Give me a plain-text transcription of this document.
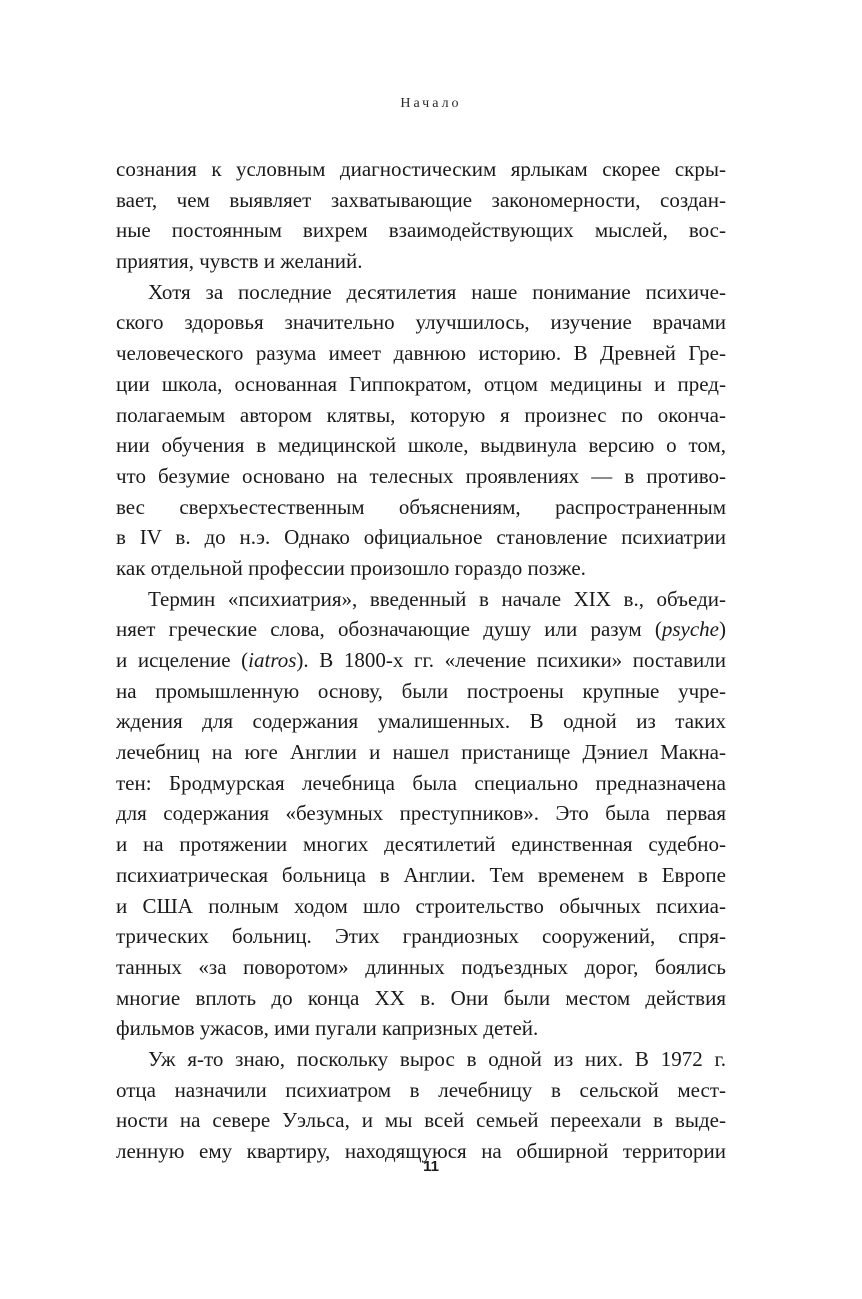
Начало
сознания к условным диагностическим ярлыкам скорее скры-
вает, чем выявляет захватывающие закономерности, создан-
ные постоянным вихрем взаимодействующих мыслей, вос-
приятия, чувств и желаний.
Хотя за последние десятилетия наше понимание психиче-
ского здоровья значительно улучшилось, изучение врачами
человеческого разума имеет давнюю историю. В Древней Гре-
ции школа, основанная Гиппократом, отцом медицины и пред-
полагаемым автором клятвы, которую я произнес по оконча-
нии обучения в медицинской школе, выдвинула версию о том,
что безумие основано на телесных проявлениях — в противо-
вес сверхъестественным объяснениям, распространенным
в IV в. до н.э. Однако официальное становление психиатрии
как отдельной профессии произошло гораздо позже.
Термин «психиатрия», введенный в начале XIX в., объеди-
няет греческие слова, обозначающие душу или разум (psyche)
и исцеление (iatros). В 1800-х гг. «лечение психики» поставили
на промышленную основу, были построены крупные учре-
ждения для содержания умалишенных. В одной из таких
лечебниц на юге Англии и нашел пристанище Дэниел Макна-
тен: Бродмурская лечебница была специально предназначена
для содержания «безумных преступников». Это была первая
и на протяжении многих десятилетий единственная судебно-
психиатрическая больница в Англии. Тем временем в Европе
и США полным ходом шло строительство обычных психиа-
трических больниц. Этих грандиозных сооружений, спря-
танных «за поворотом» длинных подъездных дорог, боялись
многие вплоть до конца XX в. Они были местом действия
фильмов ужасов, ими пугали капризных детей.
Уж я-то знаю, поскольку вырос в одной из них. В 1972 г.
отца назначили психиатром в лечебницу в сельской мест-
ности на севере Уэльса, и мы всей семьей переехали в выде-
ленную ему квартиру, находящуюся на обширной территории
11
